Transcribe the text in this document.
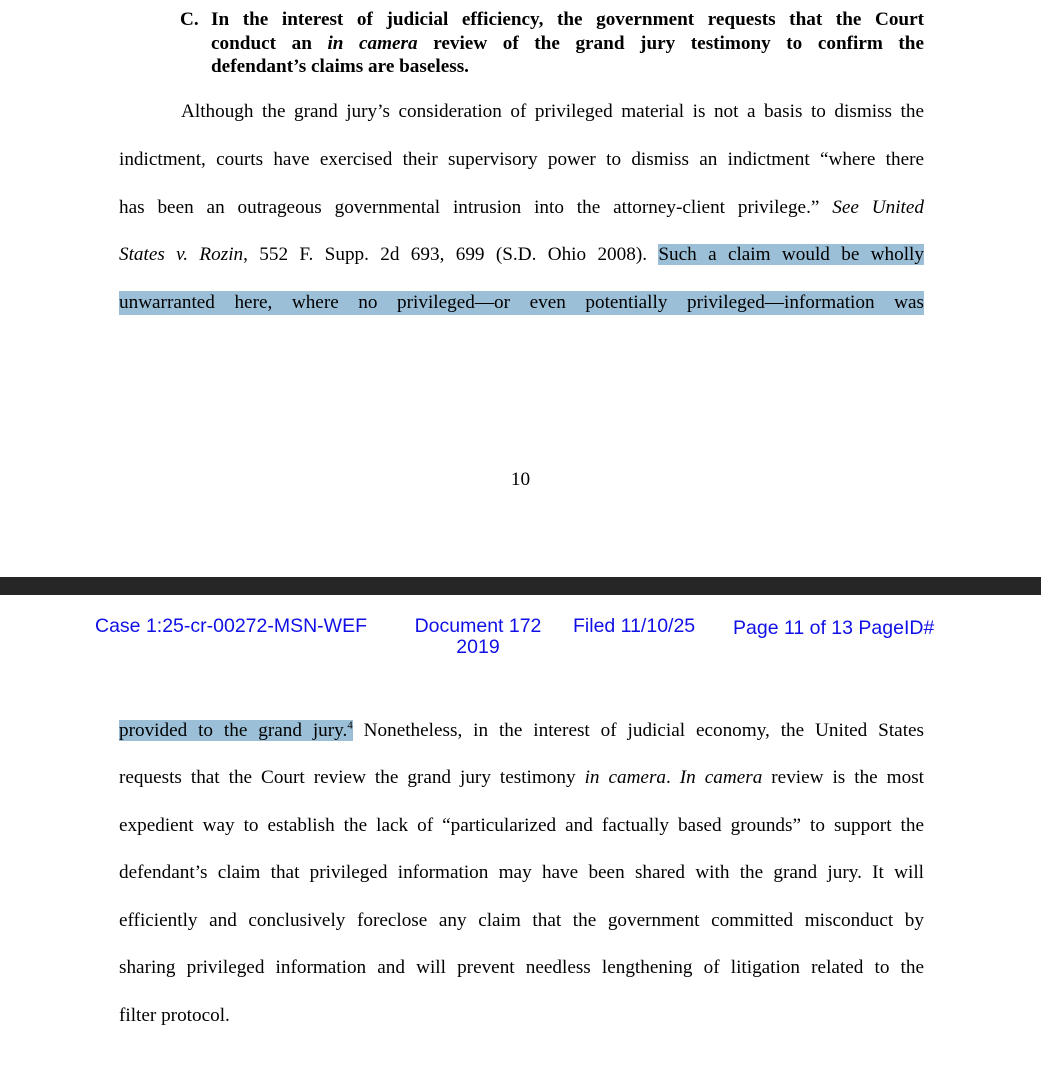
C. In the interest of judicial efficiency, the government requests that the Court
conduct an in camera review of the grand jury testimony to confirm the
defendant’s claims are baseless.
Although the grand jury’s consideration of privileged material is not a basis to dismiss the
indictment, courts have exercised their supervisory power to dismiss an indictment “where there
has been an outrageous governmental intrusion into the attorney-client privilege.” See United
States v. Rozin, 552 F. Supp. 2d 693, 699 (S.D. Ohio 2008). Such a claim would be wholly
unwarranted here, where no privileged—or even potentially privileged—information was
10
Case 1:25-cr-00272-MSN-WEF	Document 172
2019
Filed 11/10/25 Page 11 of 13 PageID#
provided to the grand jury.$^4$ Nonetheless, in the interest of judicial economy, the United States
requests that the Court review the grand jury testimony in camera. In camera review is the most
expedient way to establish the lack of “particularized and factually based grounds” to support the
defendant’s claim that privileged information may have been shared with the grand jury. It will
efficiently and conclusively foreclose any claim that the government committed misconduct by
sharing privileged information and will prevent needless lengthening of litigation related to the
filter protocol.
